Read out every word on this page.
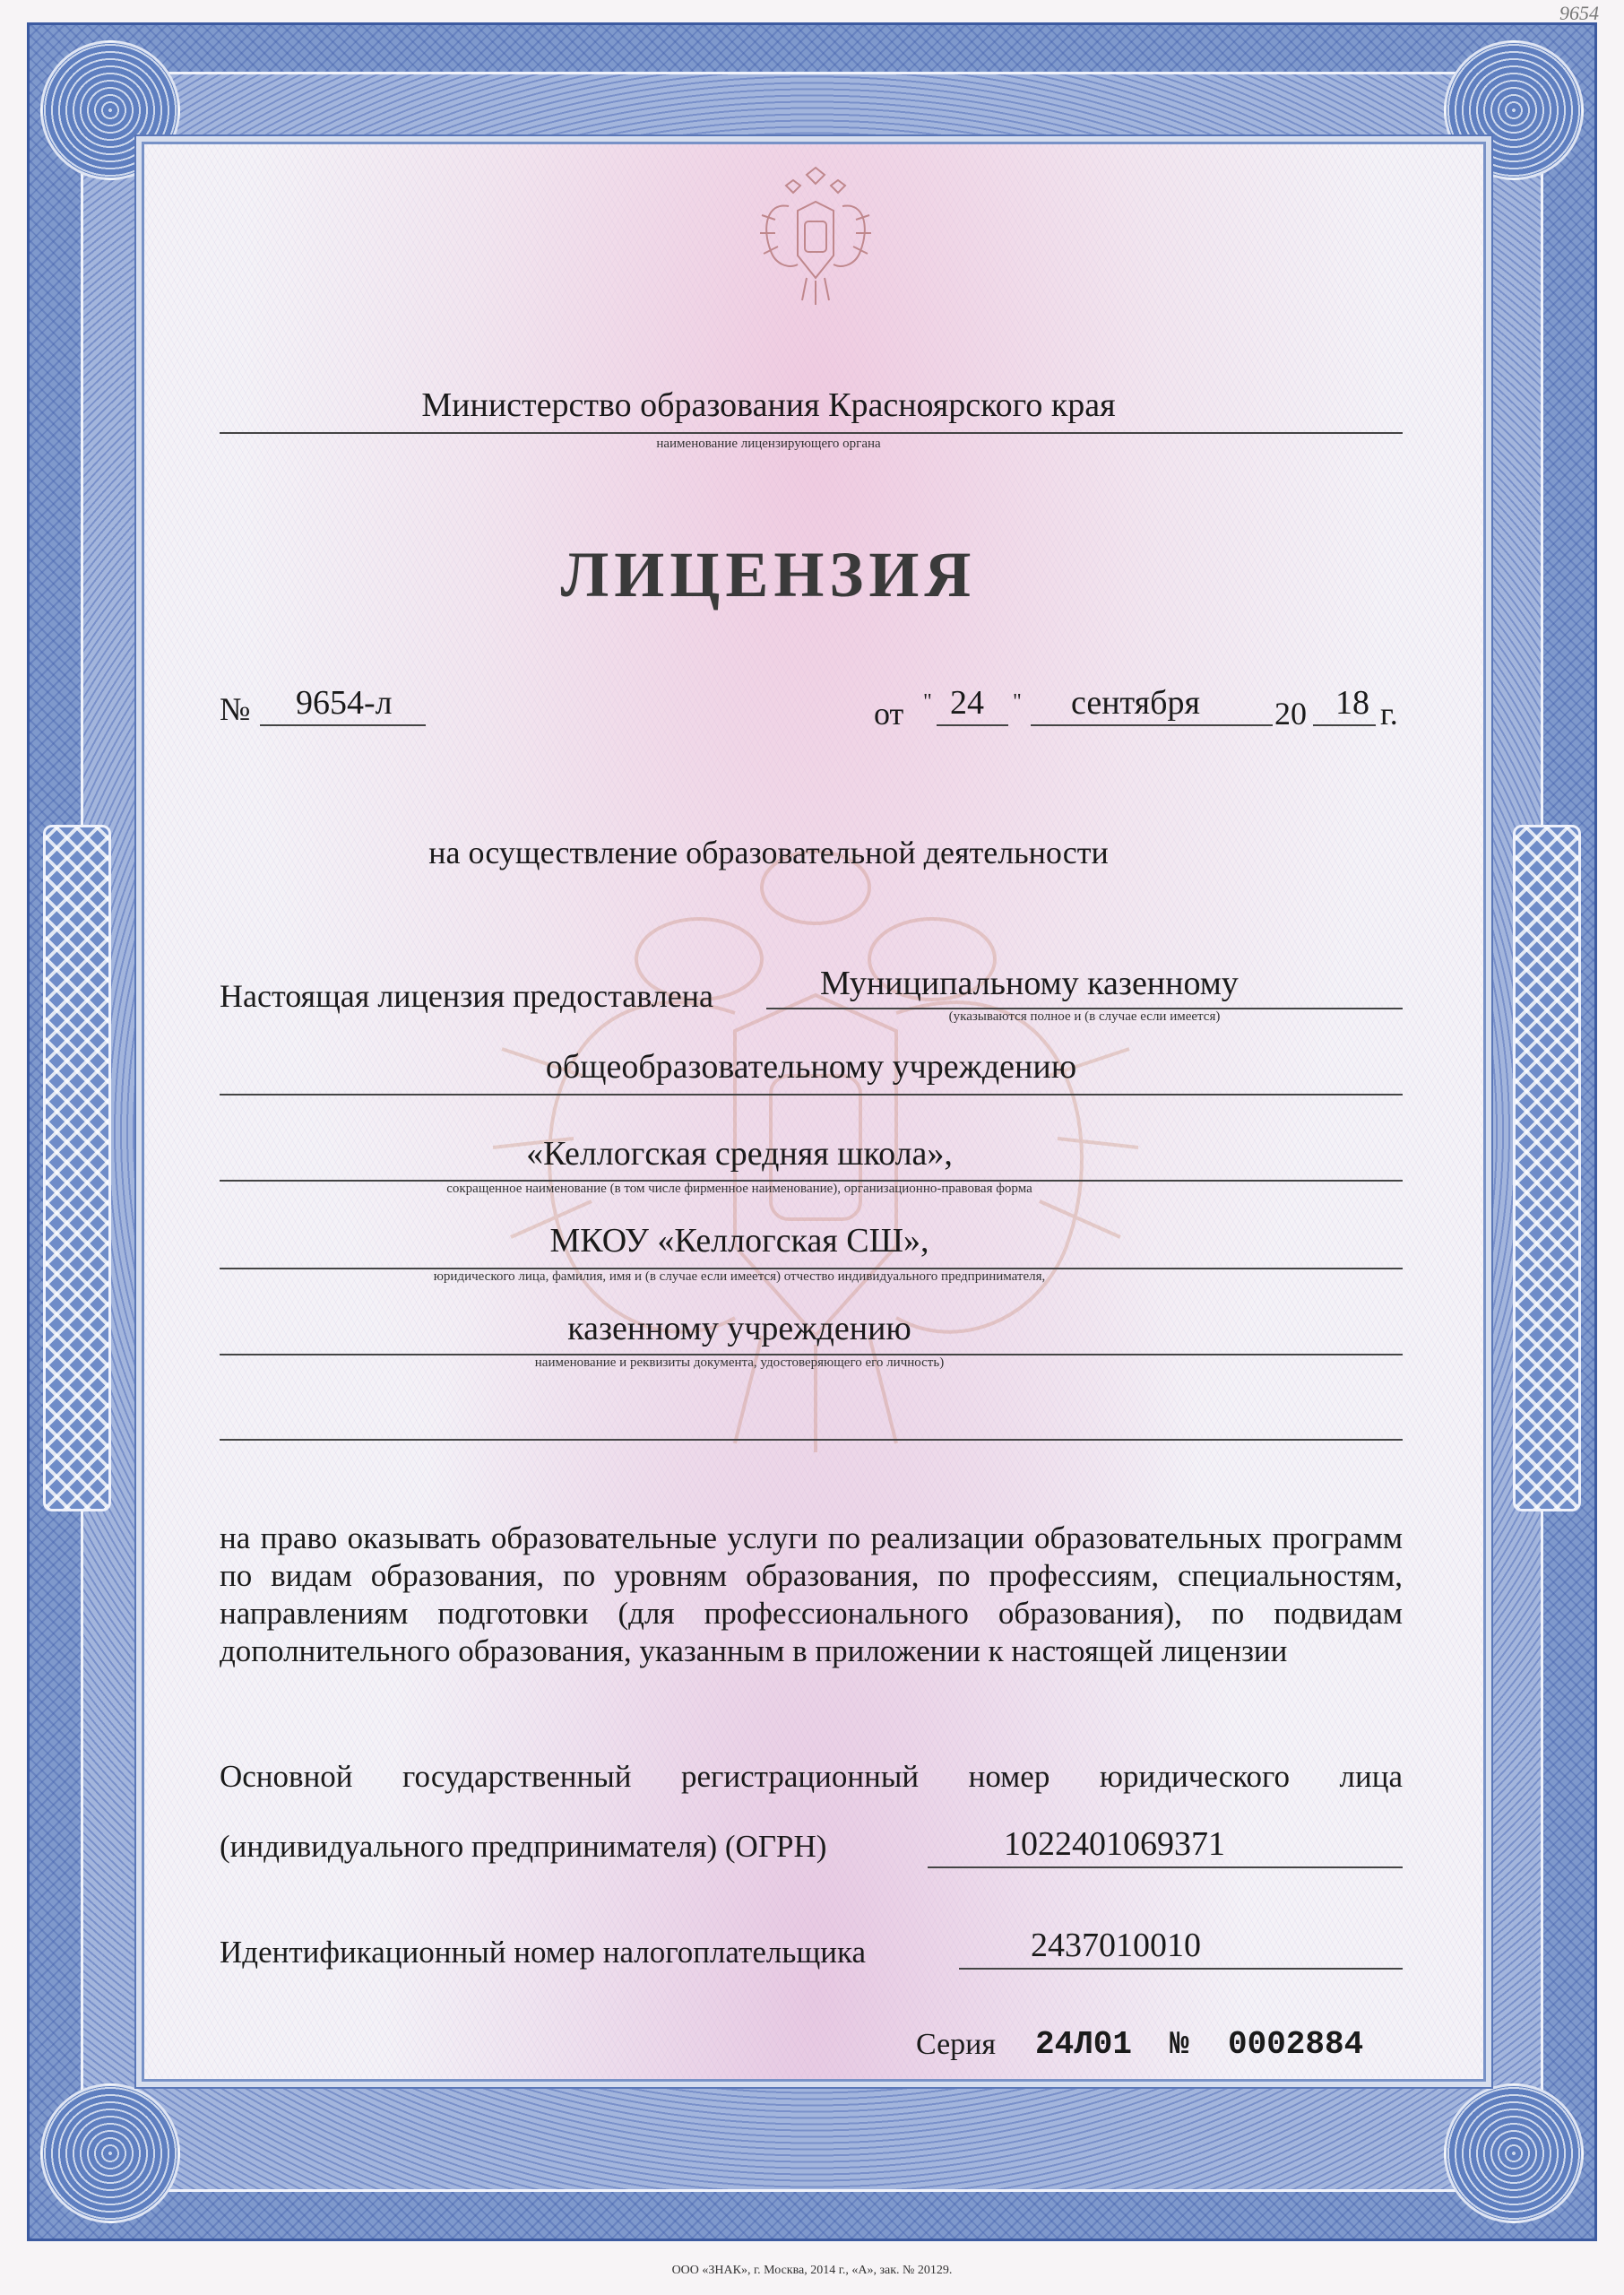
9654
Министерство образования Красноярского края
наименование лицензирующего органа
ЛИЦЕНЗИЯ
№ 9654-л	от " 24 " сентября 20 18 г.
на осуществление образовательной деятельности
Настоящая лицензия предоставлена	Муниципальному казенному
(указываются полное и (в случае если имеется)
общеобразовательному учреждению
«Келлогская средняя школа»,
сокращенное наименование (в том числе фирменное наименование), организационно-правовая форма
МКОУ «Келлогская СШ»,
юридического лица, фамилия, имя и (в случае если имеется) отчество индивидуального предпринимателя,
казенному учреждению
наименование и реквизиты документа, удостоверяющего его личность)
на право оказывать образовательные услуги по реализации образовательных программ по видам образования, по уровням образования, по профессиям, специальностям, направлениям подготовки (для профессионального образования), по подвидам дополнительного образования, указанным в приложении к настоящей лицензии
Основной государственный регистрационный номер юридического лица
(индивидуального предпринимателя) (ОГРН)	1022401069371
Идентификационный номер налогоплательщика	2437010010
Серия 24Л01 № 0002884
ООО «ЗНАК», г. Москва, 2014 г., «А», зак. № 20129.
